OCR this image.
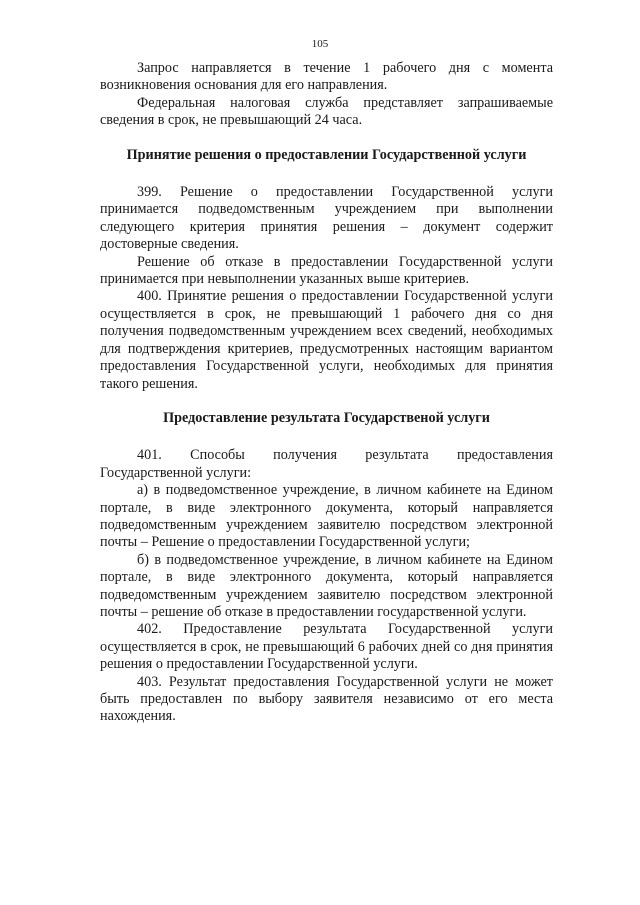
105

Запрос направляется в течение 1 рабочего дня с момента возникновения основания для его направления.

Федеральная налоговая служба представляет запрашиваемые сведения в срок, не превышающий 24 часа.

Принятие решения о предоставлении Государственной услуги

399. Решение о предоставлении Государственной услуги принимается подведомственным учреждением при выполнении следующего критерия принятия решения – документ содержит достоверные сведения.

Решение об отказе в предоставлении Государственной услуги принимается при невыполнении указанных выше критериев.

400. Принятие решения о предоставлении Государственной услуги осуществляется в срок, не превышающий 1 рабочего дня со дня получения подведомственным учреждением всех сведений, необходимых для подтверждения критериев, предусмотренных настоящим вариантом предоставления Государственной услуги, необходимых для принятия такого решения.

Предоставление результата Государственой услуги

401. Способы получения результата предоставления Государственной услуги:

а) в подведомственное учреждение, в личном кабинете на Едином портале, в виде электронного документа, который направляется подведомственным учреждением заявителю посредством электронной почты – Решение о предоставлении Государственной услуги;

б) в подведомственное учреждение, в личном кабинете на Едином портале, в виде электронного документа, который направляется подведомственным учреждением заявителю посредством электронной почты – решение об отказе в предоставлении государственной услуги.

402. Предоставление результата Государственной услуги осуществляется в срок, не превышающий 6 рабочих дней со дня принятия решения о предоставлении Государственной услуги.

403. Результат предоставления Государственной услуги не может быть предоставлен по выбору заявителя независимо от его места нахождения.
